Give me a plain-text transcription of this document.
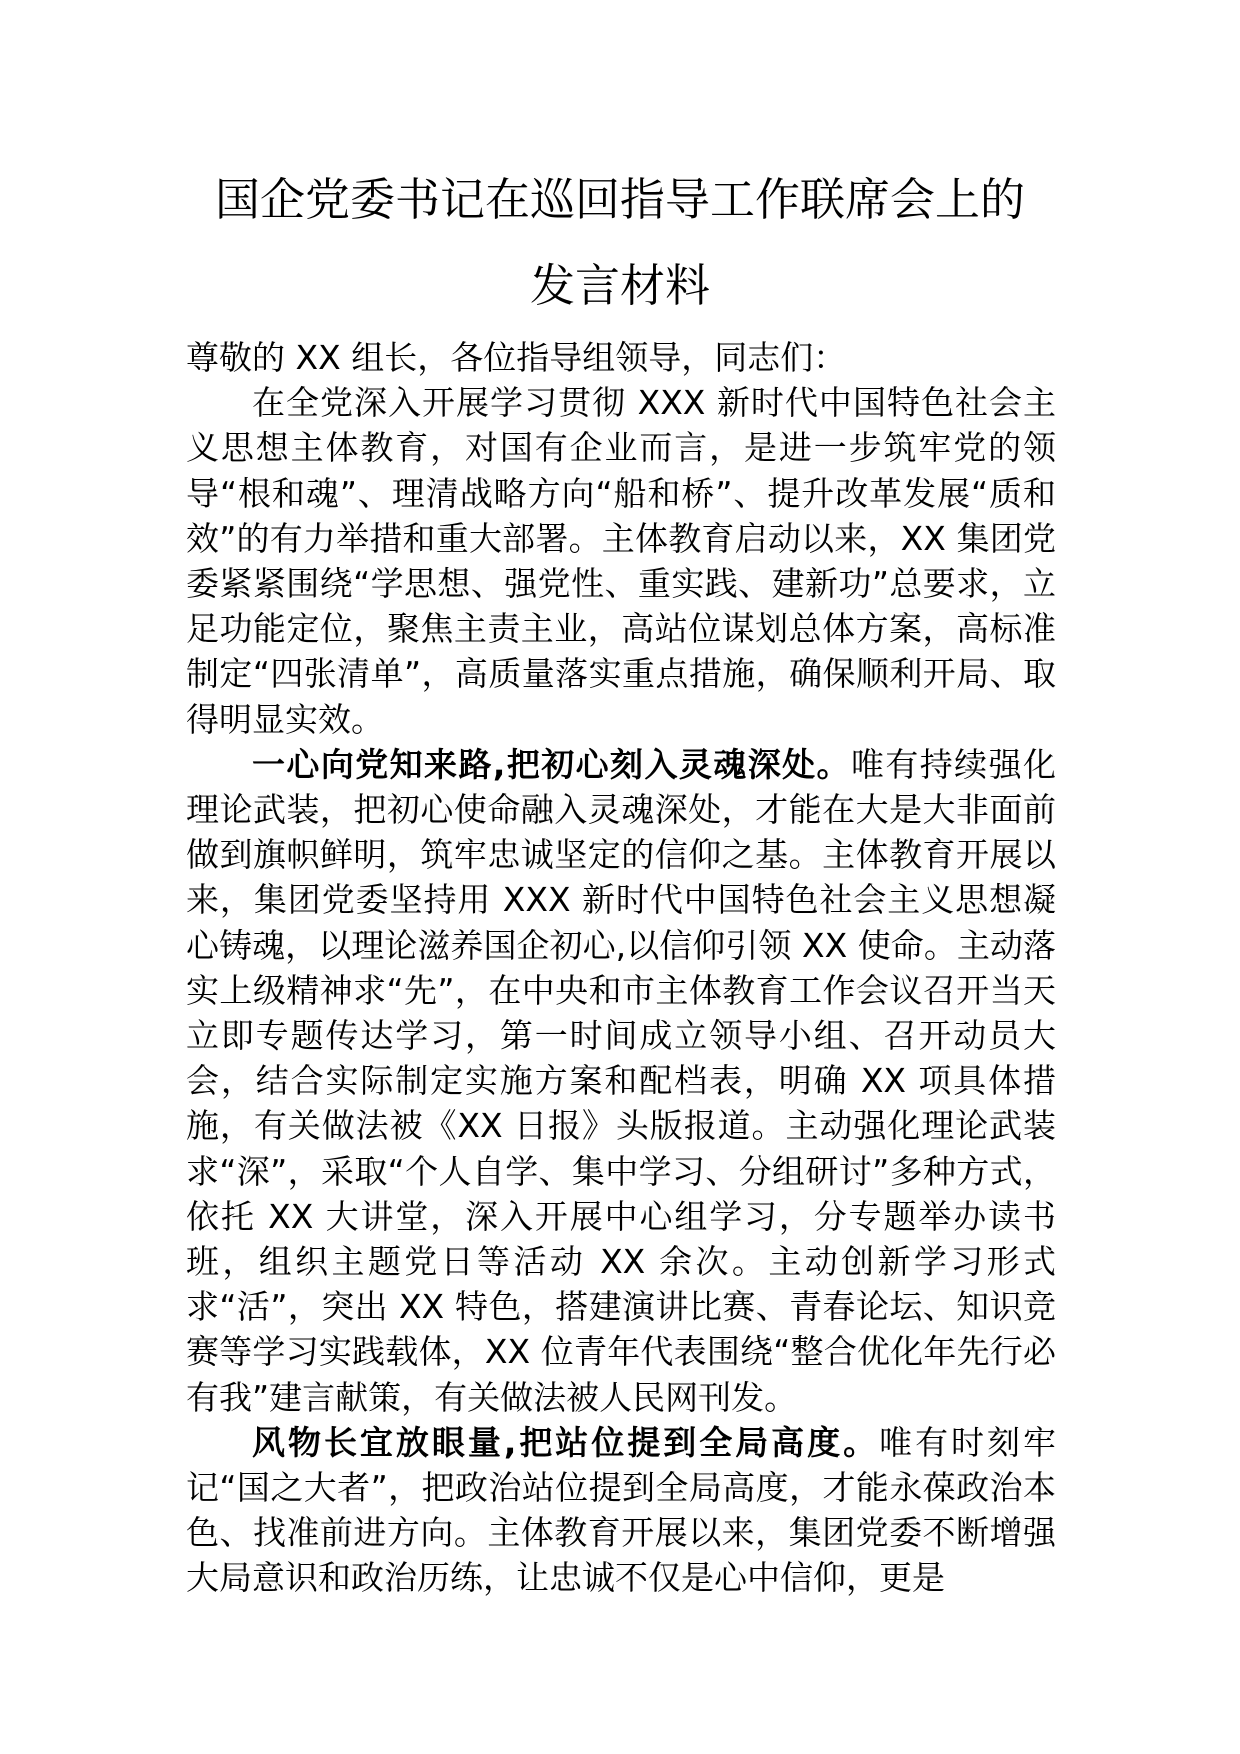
国企党委书记在巡回指导工作联席会上的
发言材料

尊敬的 XX 组长，各位指导组领导，同志们：

在全党深入开展学习贯彻 XXX 新时代中国特色社会主义思想主体教育，对国有企业而言，是进一步筑牢党的领导“根和魂”、理清战略方向“船和桥”、提升改革发展“质和效”的有力举措和重大部署。主体教育启动以来，XX 集团党委紧紧围绕“学思想、强党性、重实践、建新功”总要求，立足功能定位，聚焦主责主业，高站位谋划总体方案，高标准制定“四张清单”，高质量落实重点措施，确保顺利开局、取得明显实效。

一心向党知来路,把初心刻入灵魂深处。唯有持续强化理论武装，把初心使命融入灵魂深处，才能在大是大非面前做到旗帜鲜明，筑牢忠诚坚定的信仰之基。主体教育开展以来，集团党委坚持用 XXX 新时代中国特色社会主义思想凝心铸魂，以理论滋养国企初心,以信仰引领 XX 使命。主动落实上级精神求“先”，在中央和市主体教育工作会议召开当天立即专题传达学习，第一时间成立领导小组、召开动员大会，结合实际制定实施方案和配档表，明确 XX 项具体措施，有关做法被《XX 日报》头版报道。主动强化理论武装求“深”，采取“个人自学、集中学习、分组研讨”多种方式，依托 XX 大讲堂，深入开展中心组学习，分专题举办读书班，组织主题党日等活动 XX 余次。主动创新学习形式求“活”，突出 XX 特色，搭建演讲比赛、青春论坛、知识竞赛等学习实践载体，XX 位青年代表围绕“整合优化年先行必有我”建言献策，有关做法被人民网刊发。

风物长宜放眼量,把站位提到全局高度。唯有时刻牢记“国之大者”，把政治站位提到全局高度，才能永葆政治本色、找准前进方向。主体教育开展以来，集团党委不断增强大局意识和政治历练，让忠诚不仅是心中信仰，更是
